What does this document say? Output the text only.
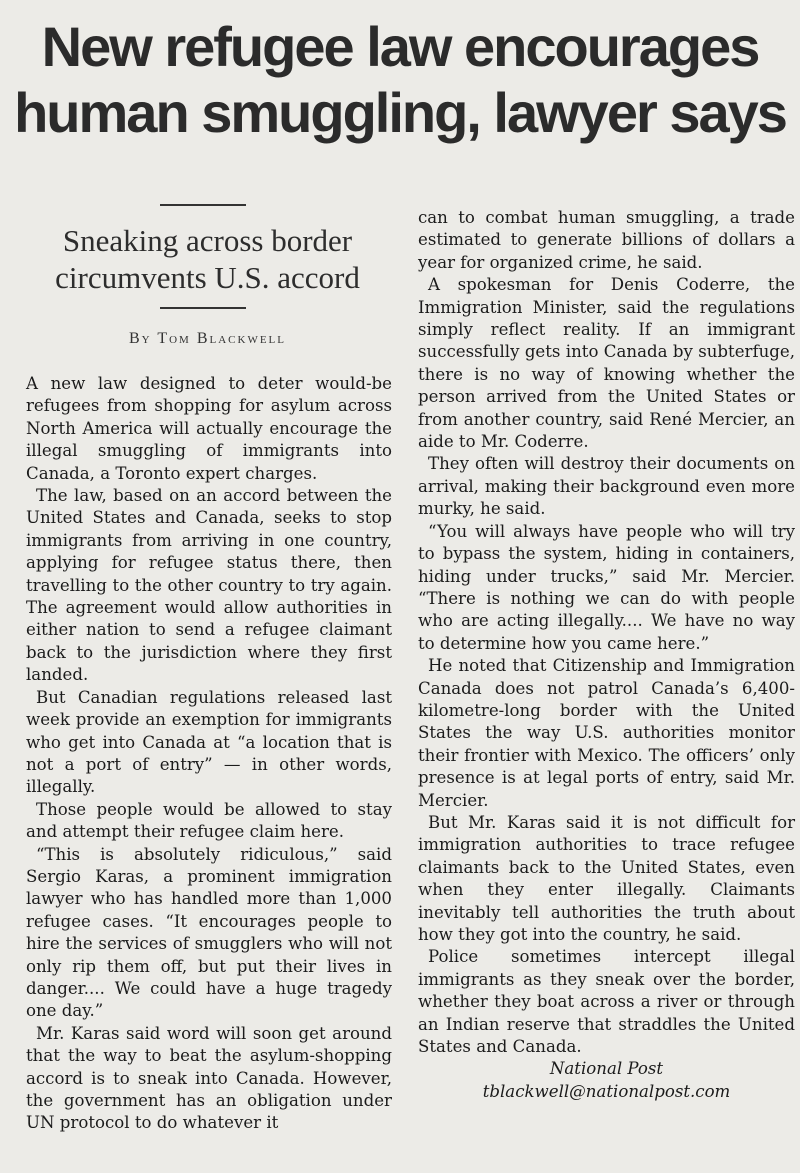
New refugee law encourages
human smuggling, lawyer says
Sneaking across border circumvents U.S. accord
By Tom Blackwell

A new law designed to deter would-be refugees from shopping for asylum across North America will actually encourage the illegal smuggling of immigrants into Canada, a Toronto expert charges.

The law, based on an accord between the United States and Canada, seeks to stop immigrants from arriving in one country, applying for refugee status there, then travelling to the other country to try again. The agreement would allow authorities in either nation to send a refugee claimant back to the jurisdiction where they first landed.

But Canadian regulations released last week provide an exemption for immigrants who get into Canada at “a location that is not a port of entry” — in other words, illegally.

Those people would be allowed to stay and attempt their refugee claim here.

“This is absolutely ridiculous,” said Sergio Karas, a prominent immigration lawyer who has handled more than 1,000 refugee cases. “It encourages people to hire the services of smugglers who will not only rip them off, but put their lives in danger.... We could have a huge tragedy one day.”

Mr. Karas said word will soon get around that the way to beat the asylum-shopping accord is to sneak into Canada. However, the government has an obligation under UN protocol to do whatever it

can to combat human smuggling, a trade estimated to generate billions of dollars a year for organized crime, he said.

A spokesman for Denis Coderre, the Immigration Minister, said the regulations simply reflect reality. If an immigrant successfully gets into Canada by subterfuge, there is no way of knowing whether the person arrived from the United States or from another country, said René Mercier, an aide to Mr. Coderre.

They often will destroy their documents on arrival, making their background even more murky, he said.

“You will always have people who will try to bypass the system, hiding in containers, hiding under trucks,” said Mr. Mercier. “There is nothing we can do with people who are acting illegally.... We have no way to determine how you came here.”

He noted that Citizenship and Immigration Canada does not patrol Canada’s 6,400-kilometre-long border with the United States the way U.S. authorities monitor their frontier with Mexico. The officers’ only presence is at legal ports of entry, said Mr. Mercier.

But Mr. Karas said it is not difficult for immigration authorities to trace refugee claimants back to the United States, even when they enter illegally. Claimants inevitably tell authorities the truth about how they got into the country, he said.

Police sometimes intercept illegal immigrants as they sneak over the border, whether they boat across a river or through an Indian reserve that straddles the United States and Canada.

National Post

tblackwell@nationalpost.com
